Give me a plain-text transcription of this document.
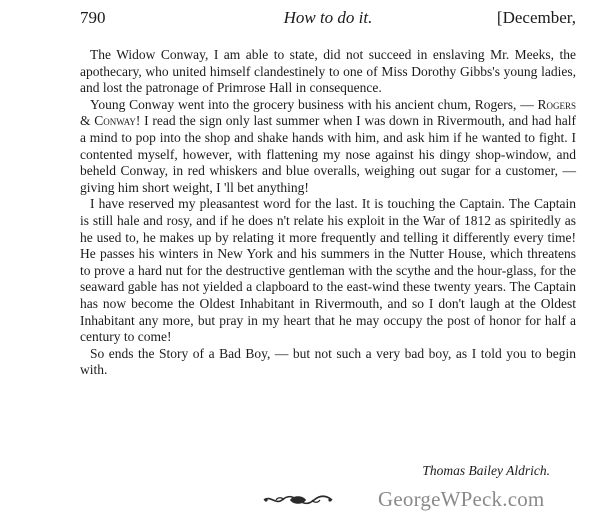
790	How to do it.	[December,

The Widow Conway, I am able to state, did not succeed in enslaving Mr. Meeks, the apothecary, who united himself clandestinely to one of Miss Dorothy Gibbs's young ladies, and lost the patronage of Primrose Hall in consequence.

Young Conway went into the grocery business with his ancient chum, Rogers, — Rogers & Conway! I read the sign only last summer when I was down in Rivermouth, and had half a mind to pop into the shop and shake hands with him, and ask him if he wanted to fight. I contented myself, however, with flattening my nose against his dingy shop-window, and beheld Conway, in red whiskers and blue overalls, weighing out sugar for a customer, — giving him short weight, I 'll bet anything!

I have reserved my pleasantest word for the last. It is touching the Captain. The Captain is still hale and rosy, and if he does n't relate his exploit in the War of 1812 as spiritedly as he used to, he makes up by relating it more frequently and telling it differently every time! He passes his winters in New York and his summers in the Nutter House, which threatens to prove a hard nut for the destructive gentleman with the scythe and the hour-glass, for the seaward gable has not yielded a clapboard to the east-wind these twenty years. The Captain has now become the Oldest Inhabitant in Rivermouth, and so I don't laugh at the Oldest Inhabitant any more, but pray in my heart that he may occupy the post of honor for half a century to come!

So ends the Story of a Bad Boy, — but not such a very bad boy, as I told you to begin with.

Thomas Bailey Aldrich.
GeorgeWPeck.com
